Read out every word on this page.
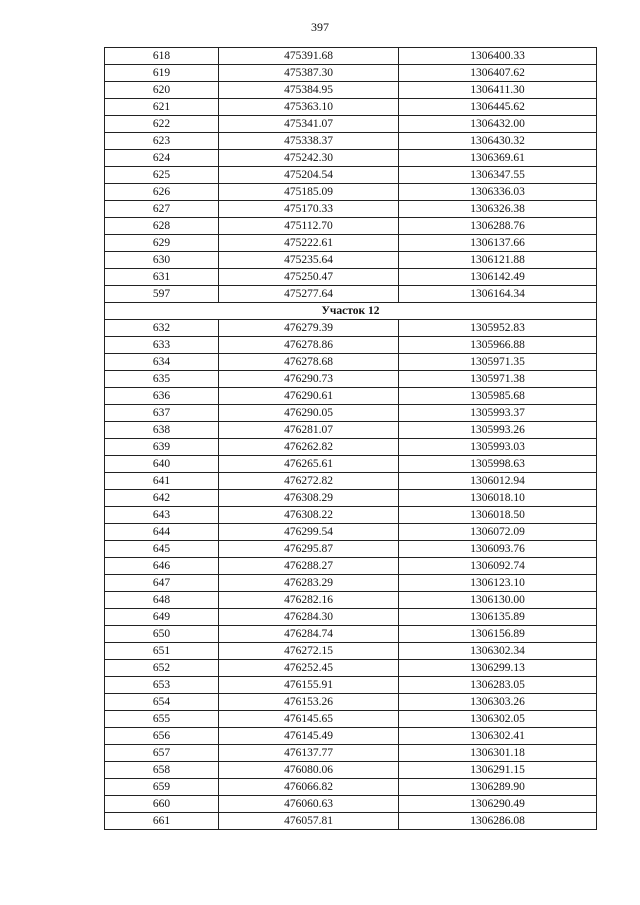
397
618	475391.68	1306400.33
619	475387.30	1306407.62
620	475384.95	1306411.30
621	475363.10	1306445.62
622	475341.07	1306432.00
623	475338.37	1306430.32
624	475242.30	1306369.61
625	475204.54	1306347.55
626	475185.09	1306336.03
627	475170.33	1306326.38
628	475112.70	1306288.76
629	475222.61	1306137.66
630	475235.64	1306121.88
631	475250.47	1306142.49
597	475277.64	1306164.34
Участок 12		
632	476279.39	1305952.83
633	476278.86	1305966.88
634	476278.68	1305971.35
635	476290.73	1305971.38
636	476290.61	1305985.68
637	476290.05	1305993.37
638	476281.07	1305993.26
639	476262.82	1305993.03
640	476265.61	1305998.63
641	476272.82	1306012.94
642	476308.29	1306018.10
643	476308.22	1306018.50
644	476299.54	1306072.09
645	476295.87	1306093.76
646	476288.27	1306092.74
647	476283.29	1306123.10
648	476282.16	1306130.00
649	476284.30	1306135.89
650	476284.74	1306156.89
651	476272.15	1306302.34
652	476252.45	1306299.13
653	476155.91	1306283.05
654	476153.26	1306303.26
655	476145.65	1306302.05
656	476145.49	1306302.41
657	476137.77	1306301.18
658	476080.06	1306291.15
659	476066.82	1306289.90
660	476060.63	1306290.49
661	476057.81	1306286.08
